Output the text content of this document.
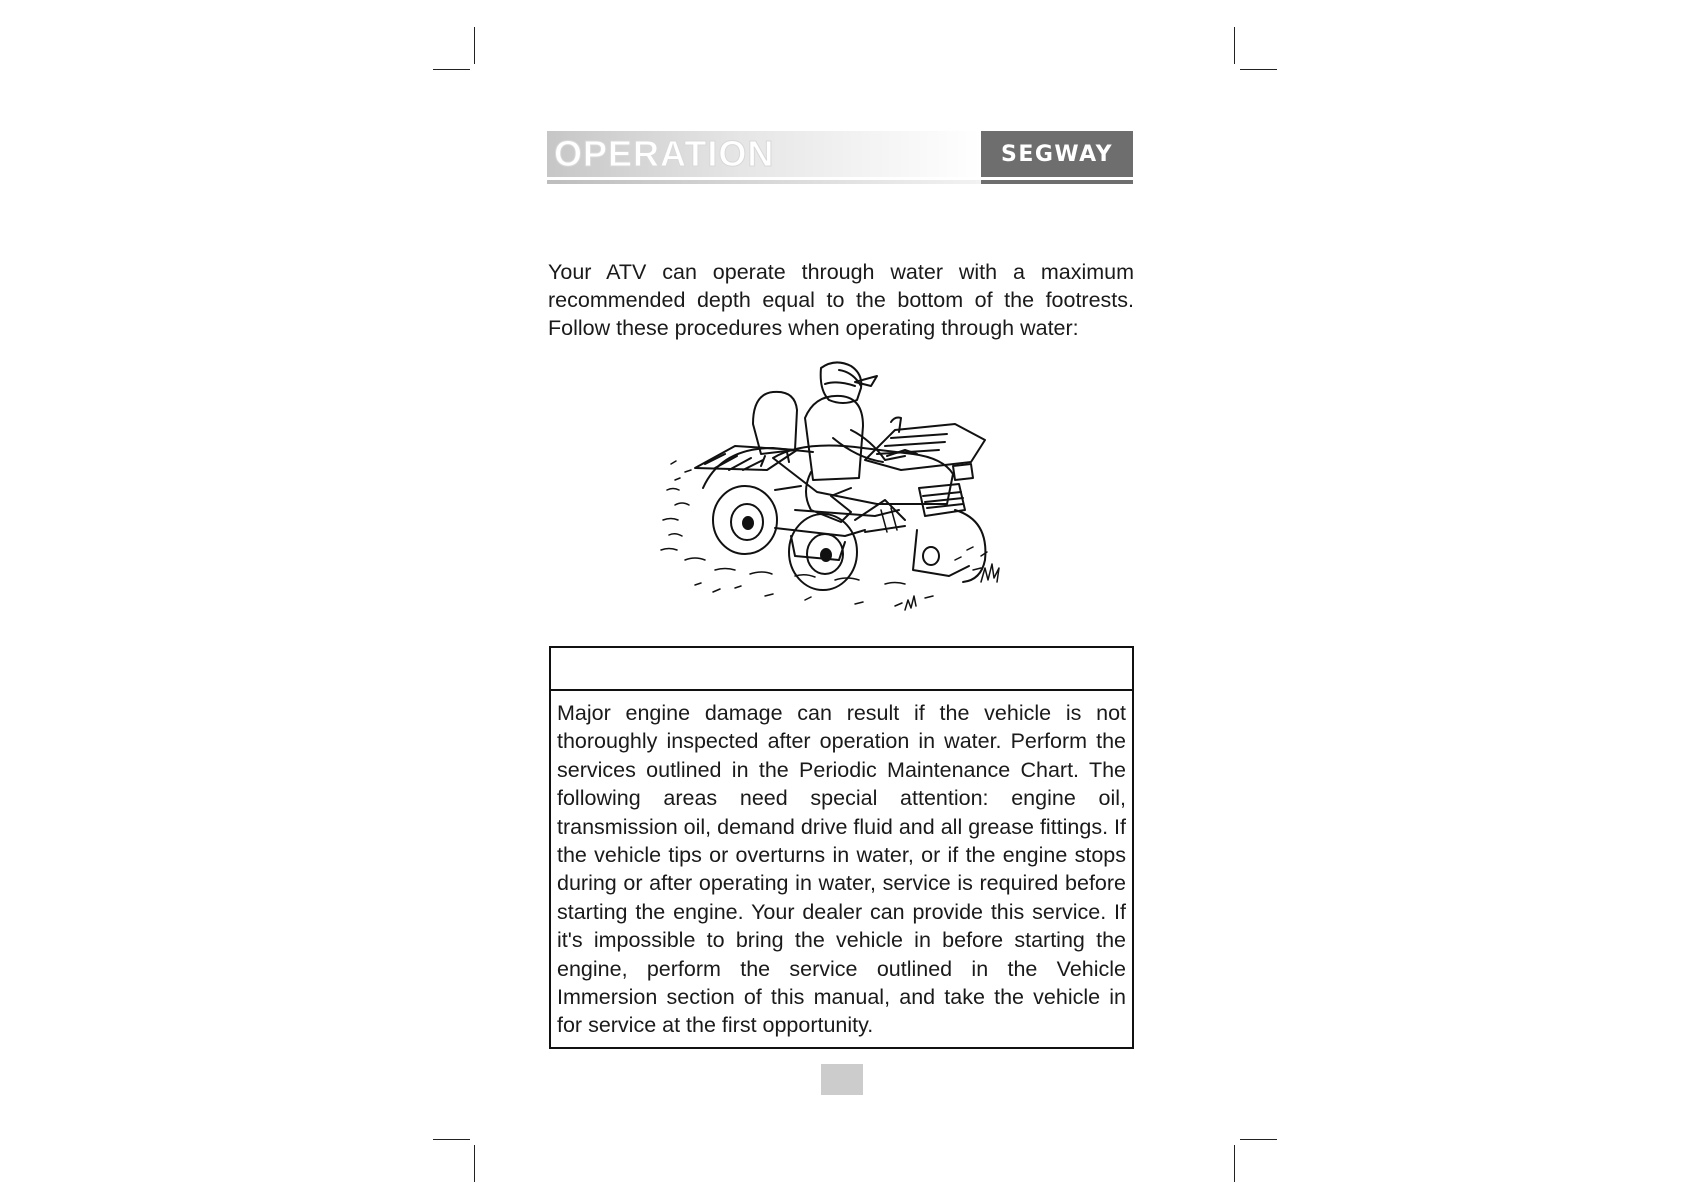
OPERATION	SEGWAY

Your ATV can operate through water with a maximum recommended depth equal to the bottom of the footrests. Follow these procedures when operating through water:

Major engine damage can result if the vehicle is not thoroughly inspected after operation in water. Perform the services outlined in the Periodic Maintenance Chart. The following areas need special attention: engine oil, transmission oil, demand drive fluid and all grease fittings. If the vehicle tips or overturns in water, or if the engine stops during or after operating in water, service is required before starting the engine. Your dealer can provide this service. If it's impossible to bring the vehicle in before starting the engine, perform the service outlined in the Vehicle Immersion section of this manual, and take the vehicle in for service at the first opportunity.
